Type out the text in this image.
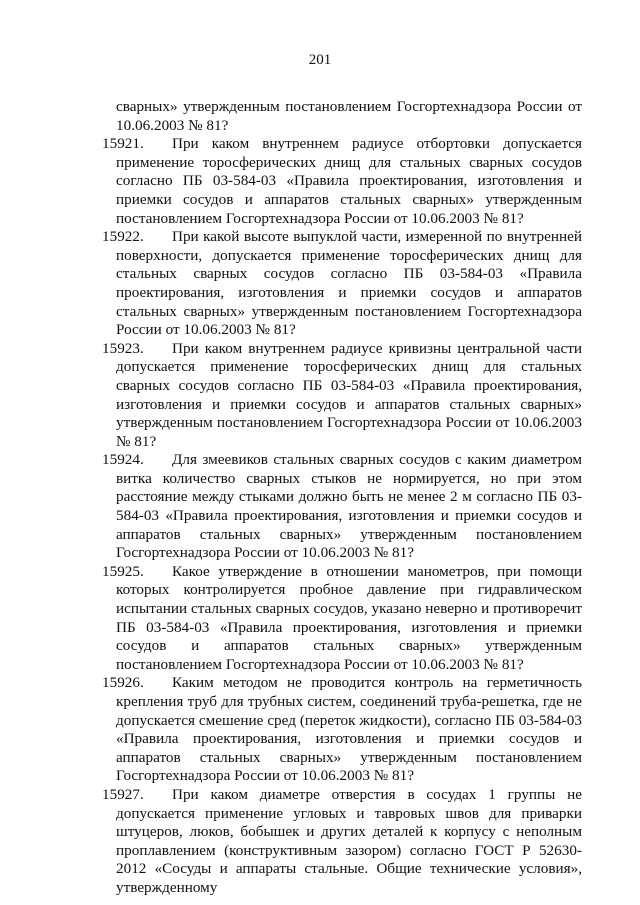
201

сварных» утвержденным постановлением Госгортехнадзора России от 10.06.2003 № 81?

15921.	При каком внутреннем радиусе отбортовки допускается применение торосферических днищ для стальных сварных сосудов согласно ПБ 03-584-03 «Правила проектирования, изготовления и приемки сосудов и аппаратов стальных сварных» утвержденным постановлением Госгортехнадзора России от 10.06.2003 № 81?

15922.	При какой высоте выпуклой части, измеренной по внутренней поверхности, допускается применение торосферических днищ для стальных сварных сосудов согласно ПБ 03-584-03 «Правила проектирования, изготовления и приемки сосудов и аппаратов стальных сварных» утвержденным постановлением Госгортехнадзора России от 10.06.2003 № 81?

15923.	При каком внутреннем радиусе кривизны центральной части допускается применение торосферических днищ для стальных сварных сосудов согласно ПБ 03-584-03 «Правила проектирования, изготовления и приемки сосудов и аппаратов стальных сварных» утвержденным постановлением Госгортехнадзора России от 10.06.2003 № 81?

15924.	Для змеевиков стальных сварных сосудов с каким диаметром витка количество сварных стыков не нормируется, но при этом расстояние между стыками должно быть не менее 2 м согласно ПБ 03-584-03 «Правила проектирования, изготовления и приемки сосудов и аппаратов стальных сварных» утвержденным постановлением Госгортехнадзора России от 10.06.2003 № 81?

15925.	Какое утверждение в отношении манометров, при помощи которых контролируется пробное давление при гидравлическом испытании стальных сварных сосудов, указано неверно и противоречит ПБ 03-584-03 «Правила проектирования, изготовления и приемки сосудов и аппаратов стальных сварных» утвержденным постановлением Госгортехнадзора России от 10.06.2003 № 81?

15926.	Каким методом не проводится контроль на герметичность крепления труб для трубных систем, соединений труба-решетка, где не допускается смешение сред (переток жидкости), согласно ПБ 03-584-03 «Правила проектирования, изготовления и приемки сосудов и аппаратов стальных сварных» утвержденным постановлением Госгортехнадзора России от 10.06.2003 № 81?

15927.	При каком диаметре отверстия в сосудах 1 группы не допускается применение угловых и тавровых швов для приварки штуцеров, люков, бобышек и других деталей к корпусу с неполным проплавлением (конструктивным зазором) согласно ГОСТ Р 52630-2012 «Сосуды и аппараты стальные. Общие технические условия», утвержденному
